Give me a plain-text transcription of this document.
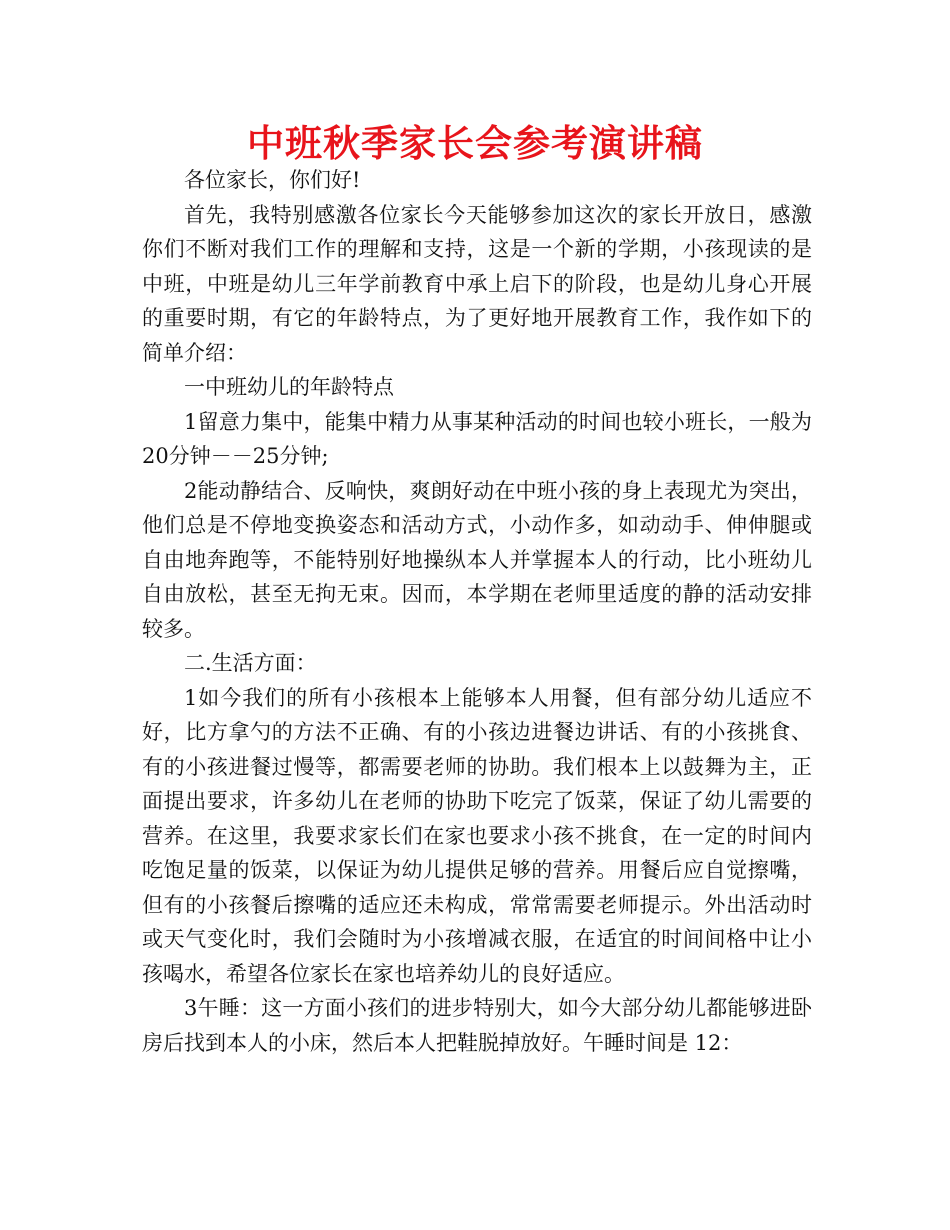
中班秋季家长会参考演讲稿

各位家长，你们好!

首先，我特别感激各位家长今天能够参加这次的家长开放日，感激你们不断对我们工作的理解和支持，这是一个新的学期，小孩现读的是中班，中班是幼儿三年学前教育中承上启下的阶段，也是幼儿身心开展的重要时期，有它的年龄特点，为了更好地开展教育工作，我作如下的简单介绍：

一中班幼儿的年龄特点

1留意力集中，能集中精力从事某种活动的时间也较小班长，一般为20分钟－－25分钟;

2能动静结合、反响快，爽朗好动在中班小孩的身上表现尤为突出，他们总是不停地变换姿态和活动方式，小动作多，如动动手、伸伸腿或自由地奔跑等，不能特别好地操纵本人并掌握本人的行动，比小班幼儿自由放松，甚至无拘无束。因而，本学期在老师里适度的静的活动安排较多。

二.生活方面：

1如今我们的所有小孩根本上能够本人用餐，但有部分幼儿适应不好，比方拿勺的方法不正确、有的小孩边进餐边讲话、有的小孩挑食、有的小孩进餐过慢等，都需要老师的协助。我们根本上以鼓舞为主，正面提出要求，许多幼儿在老师的协助下吃完了饭菜，保证了幼儿需要的营养。在这里，我要求家长们在家也要求小孩不挑食，在一定的时间内吃饱足量的饭菜，以保证为幼儿提供足够的营养。用餐后应自觉擦嘴，但有的小孩餐后擦嘴的适应还未构成，常常需要老师提示。外出活动时或天气变化时，我们会随时为小孩增减衣服，在适宜的时间间格中让小孩喝水，希望各位家长在家也培养幼儿的良好适应。

3午睡：这一方面小孩们的进步特别大，如今大部分幼儿都能够进卧房后找到本人的小床，然后本人把鞋脱掉放好。午睡时间是 12：
